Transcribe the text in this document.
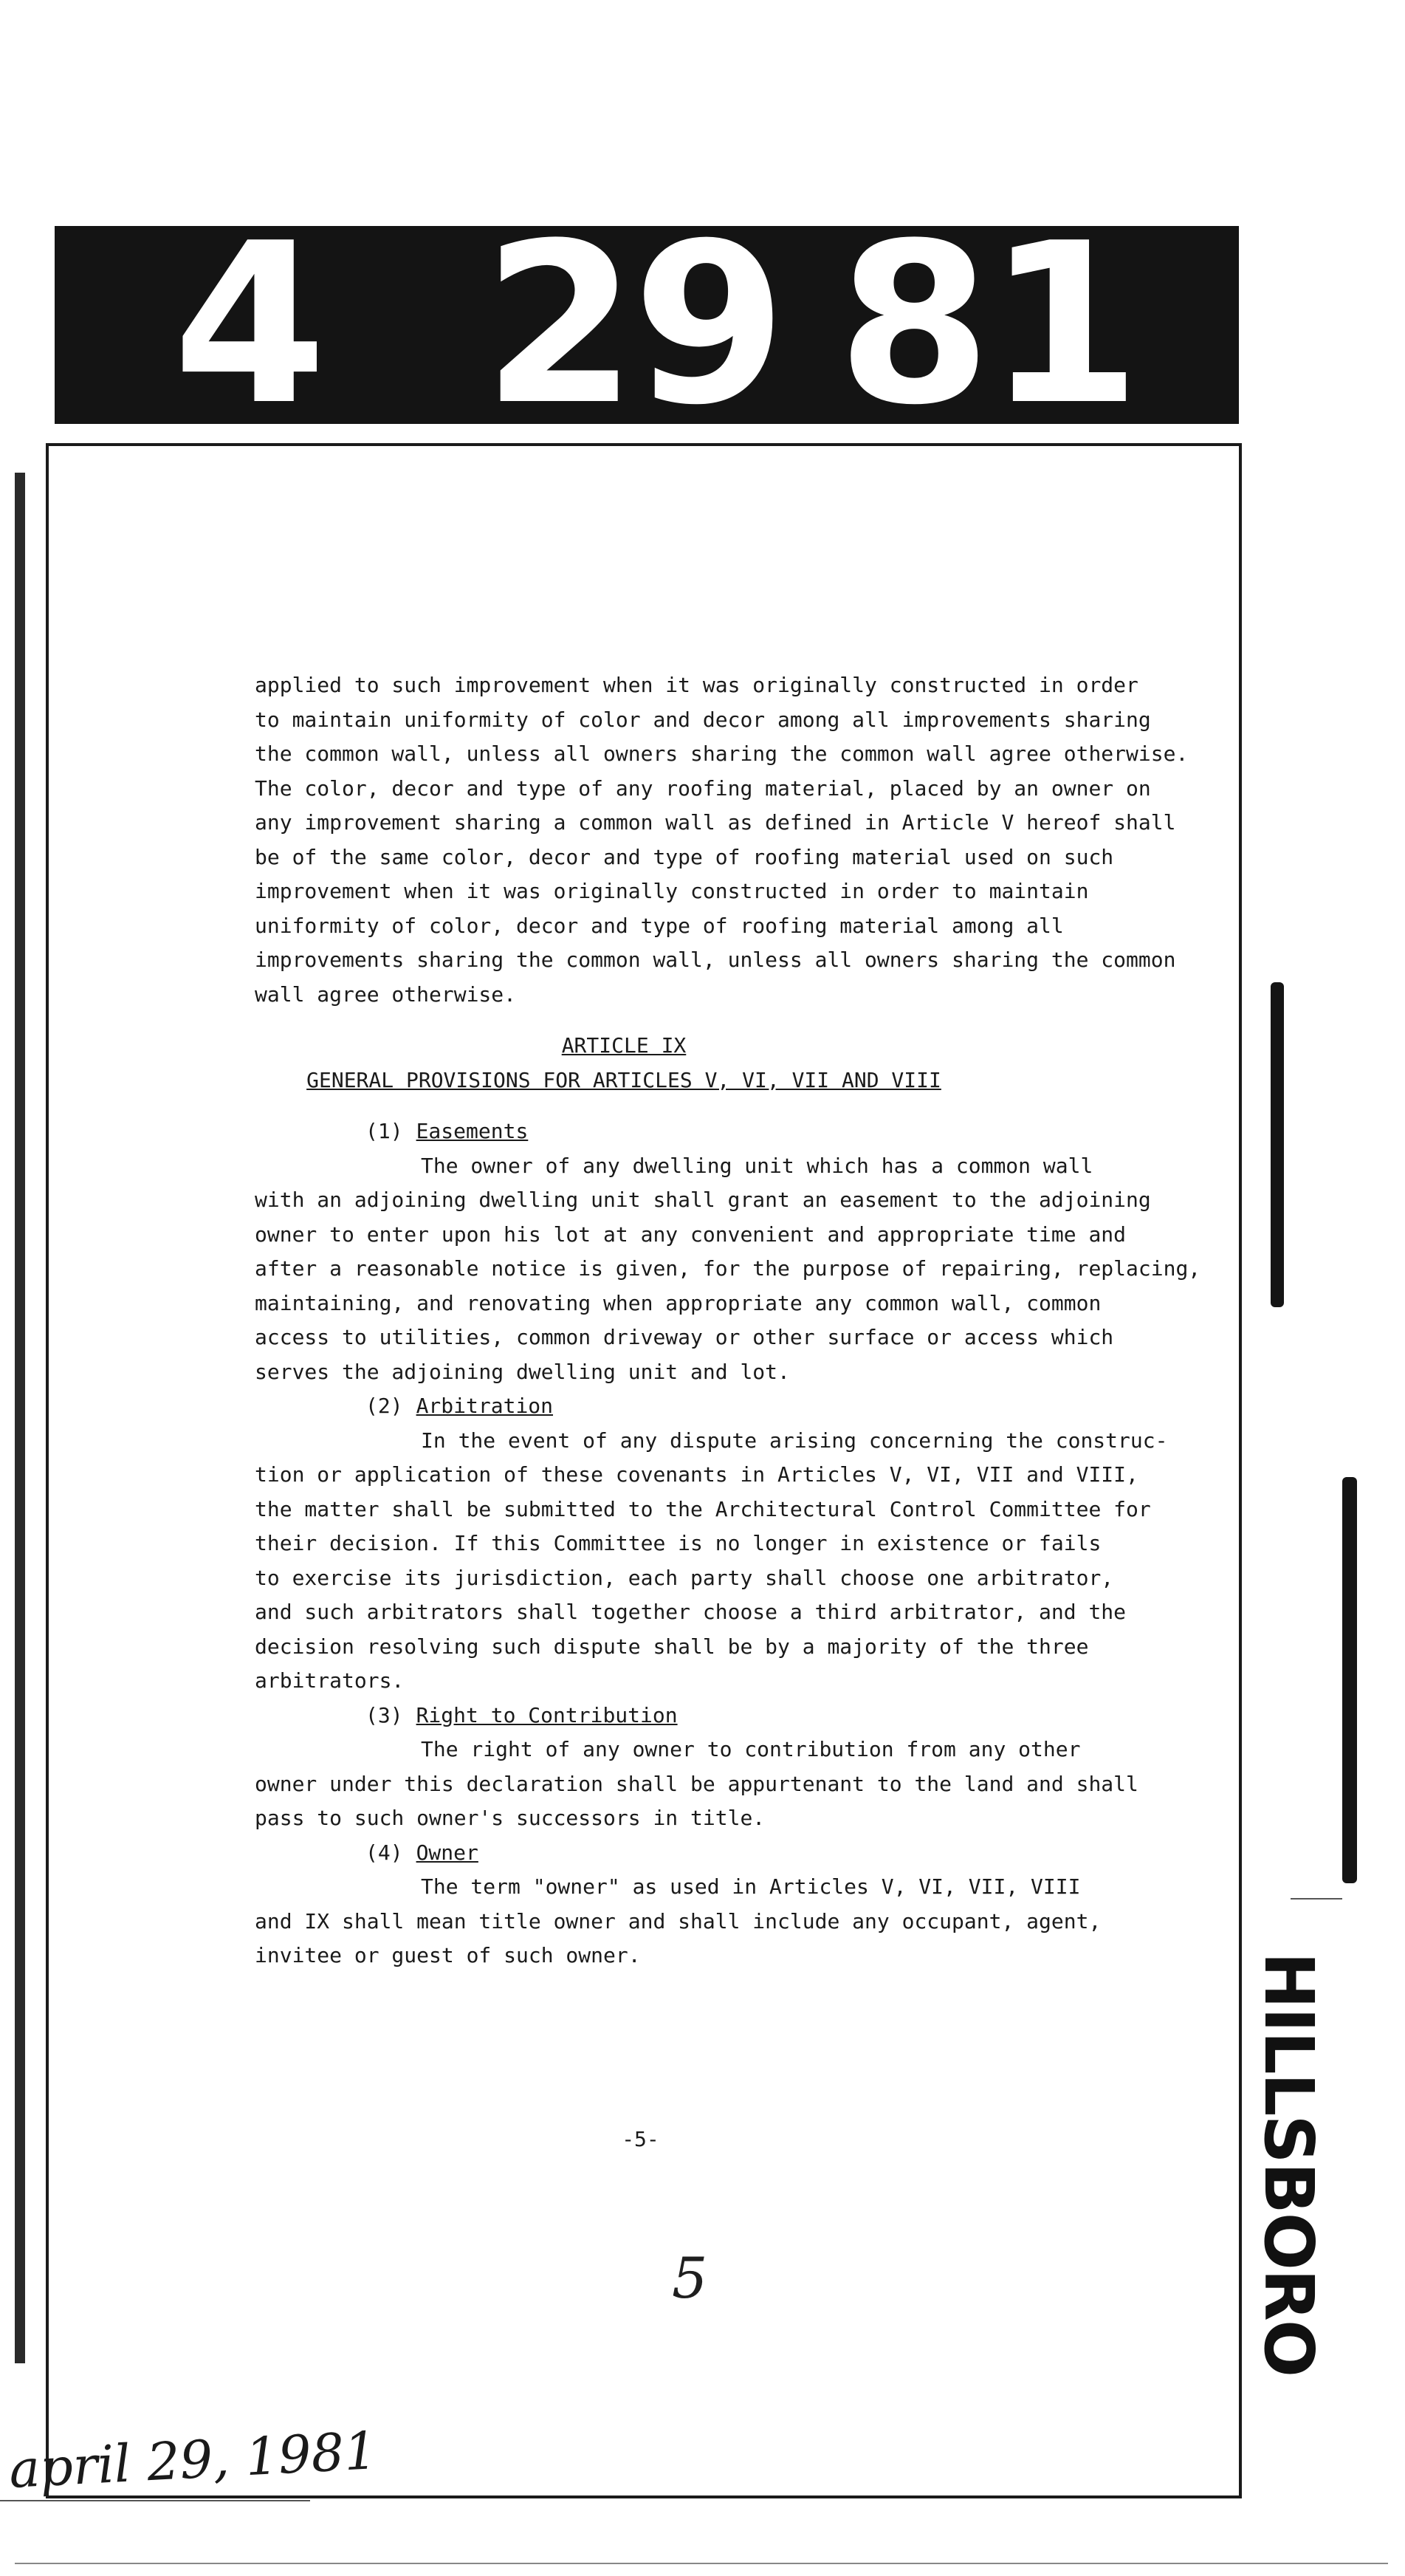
4 29 81
applied to such improvement when it was originally constructed in order
to maintain uniformity of color and decor among all improvements sharing
the common wall, unless all owners sharing the common wall agree otherwise.
The color, decor and type of any roofing material, placed by an owner on
any improvement sharing a common wall as defined in Article V hereof shall
be of the same color, decor and type of roofing material used on such
improvement when it was originally constructed in order to maintain
uniformity of color, decor and type of roofing material among all
improvements sharing the common wall, unless all owners sharing the common
wall agree otherwise.
ARTICLE IX
GENERAL PROVISIONS FOR ARTICLES V, VI, VII AND VIII
(1) Easements
The owner of any dwelling unit which has a common wall
with an adjoining dwelling unit shall grant an easement to the adjoining
owner to enter upon his lot at any convenient and appropriate time and
after a reasonable notice is given, for the purpose of repairing, replacing,
maintaining, and renovating when appropriate any common wall, common
access to utilities, common driveway or other surface or access which
serves the adjoining dwelling unit and lot.
(2) Arbitration
In the event of any dispute arising concerning the construc-
tion or application of these covenants in Articles V, VI, VII and VIII,
the matter shall be submitted to the Architectural Control Committee for
their decision. If this Committee is no longer in existence or fails
to exercise its jurisdiction, each party shall choose one arbitrator,
and such arbitrators shall together choose a third arbitrator, and the
decision resolving such dispute shall be by a majority of the three
arbitrators.
(3) Right to Contribution
The right of any owner to contribution from any other
owner under this declaration shall be appurtenant to the land and shall
pass to such owner's successors in title.
(4) Owner
The term "owner" as used in Articles V, VI, VII, VIII
and IX shall mean title owner and shall include any occupant, agent,
invitee or guest of such owner.
-5-
5
april 29, 1981
HILLSBORO
